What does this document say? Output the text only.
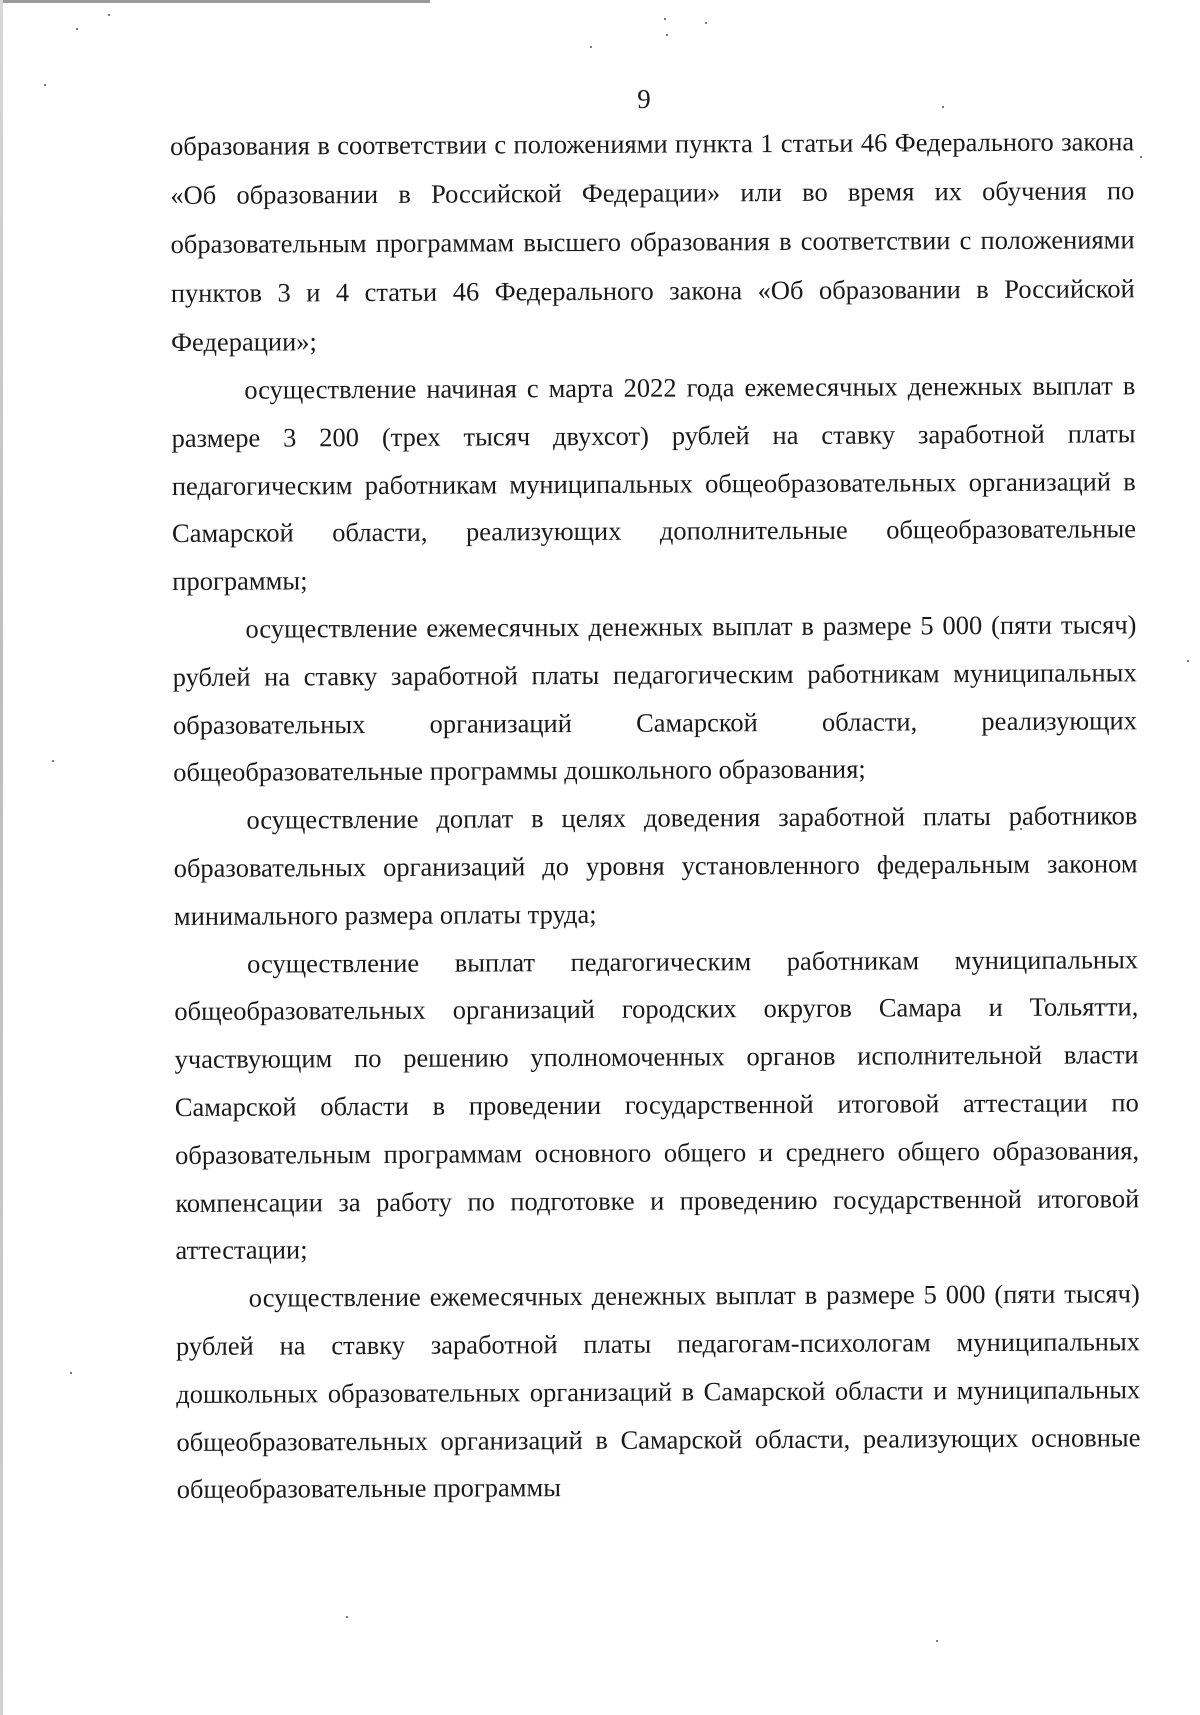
9

образования в соответствии с положениями пункта 1 статьи 46 Федерального закона «Об образовании в Российской Федерации» или во время их обучения по образовательным программам высшего образования в соответствии с положениями пунктов 3 и 4 статьи 46 Федерального закона «Об образовании в Российской Федерации»;

осуществление начиная с марта 2022 года ежемесячных денежных выплат в размере 3 200 (трех тысяч двухсот) рублей на ставку заработной платы педагогическим работникам муниципальных общеобразовательных организаций в Самарской области, реализующих дополнительные общеобразовательные программы;

осуществление ежемесячных денежных выплат в размере 5 000 (пяти тысяч) рублей на ставку заработной платы педагогическим работникам муниципальных образовательных организаций Самарской области, реализующих общеобразовательные программы дошкольного образования;

осуществление доплат в целях доведения заработной платы работников образовательных организаций до уровня установленного федеральным законом минимального размера оплаты труда;

осуществление выплат педагогическим работникам муниципальных общеобразовательных организаций городских округов Самара и Тольятти, участвующим по решению уполномоченных органов исполнительной власти Самарской области в проведении государственной итоговой аттестации по образовательным программам основного общего и среднего общего образования, компенсации за работу по подготовке и проведению государственной итоговой аттестации;

осуществление ежемесячных денежных выплат в размере 5 000 (пяти тысяч) рублей на ставку заработной платы педагогам-психологам муниципальных дошкольных образовательных организаций в Самарской области и муниципальных общеобразовательных организаций в Самарской области, реализующих основные общеобразовательные программы
